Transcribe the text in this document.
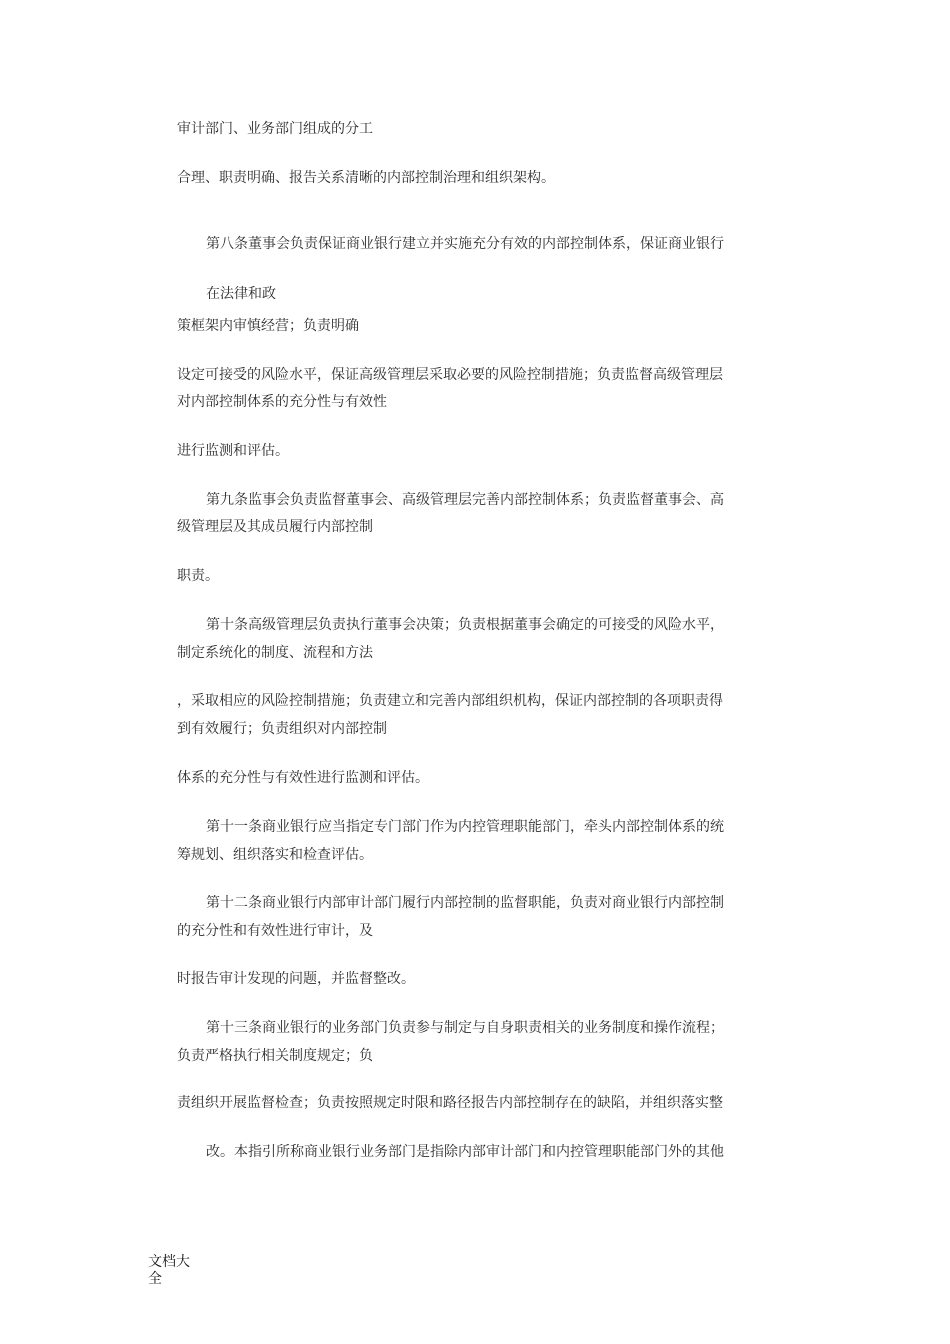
审计部门、业务部门组成的分工

合理、职责明确、报告关系清晰的内部控制治理和组织架构。

第八条董事会负责保证商业银行建立并实施充分有效的内部控制体系，保证商业银行

在法律和政

策框架内审慎经营；负责明确

设定可接受的风险水平，保证高级管理层采取必要的风险控制措施；负责监督高级管理层

对内部控制体系的充分性与有效性

进行监测和评估。

第九条监事会负责监督董事会、高级管理层完善内部控制体系；负责监督董事会、高

级管理层及其成员履行内部控制

职责。

第十条高级管理层负责执行董事会决策；负责根据董事会确定的可接受的风险水平，

制定系统化的制度、流程和方法

，采取相应的风险控制措施；负责建立和完善内部组织机构，保证内部控制的各项职责得

到有效履行；负责组织对内部控制

体系的充分性与有效性进行监测和评估。

第十一条商业银行应当指定专门部门作为内控管理职能部门，牵头内部控制体系的统

筹规划、组织落实和检查评估。

第十二条商业银行内部审计部门履行内部控制的监督职能，负责对商业银行内部控制

的充分性和有效性进行审计，及

时报告审计发现的问题，并监督整改。

第十三条商业银行的业务部门负责参与制定与自身职责相关的业务制度和操作流程；

负责严格执行相关制度规定；负

责组织开展监督检查；负责按照规定时限和路径报告内部控制存在的缺陷，并组织落实整

改。本指引所称商业银行业务部门是指除内部审计部门和内控管理职能部门外的其他

文档大全
